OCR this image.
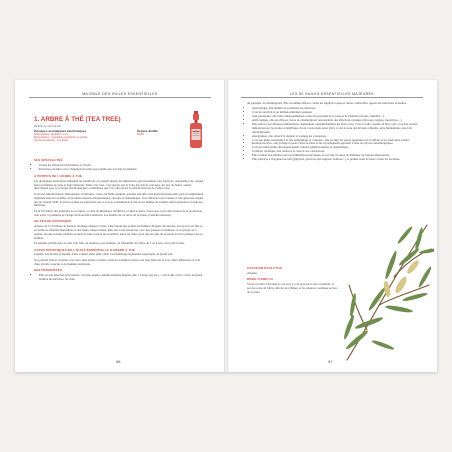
MA BIBLE DES HUILES ESSENTIELLES
1. ARBRE À THÉ (TEA TREE)
Melaleuca alternifolia
Principes aromatiques biochimiques
Monoterpènes : terpinène-1-ol-4
Monoterpènes : γ-terpinène, α-terpinène, p-cymène,
Oxydes terpéniques : 1,8-cinéole
Organe distillé
Feuille
SES SPÉCIALITÉS
• Toutes les affections bactériennes et virales
• Peaux/les parasites et les champignons (mycoses) quelle que soit leur localisation
À PROPOS DE L'ARBRE À THÉ

Les aborigènes australiens utilisaient les feuilles de cet végétal depuis des millénaires, principalement sous forme de cataplasme pour soigner leurs problèmes de peau et leurs blessures. Mais c'est vous, c'est surtout que le boire des gris de sauvages. Au lieu de fleurir, autant, directement pour se protéger des moustiques cosmétiques que l'on a découvert le parfum enivrant de l'arbre à thé.

C'est une antiinfectieuse, antiseptique, cicatrisante, contre un faible quantité, garantie une efficacité anti-infectieuse utile qu'il est simplement légitimée dans bon nombre de produits naturels, thérapeutiques, chacune et antiseptiques. Son efficacité est reconnue et très appréciée depuis que les années 1930. Il serait possible en particulier que ce soit en considération le thé en les feuilles de bouillir, dans l'expansion au sein des militaires.

En la fin d'arbre des végétales de sa région, et celle de Melaleuca viridiflora, et dans le genre d'ouvrages ou les découvertes de la production d'un arbre, la première de l'usage du Nouvelle-Calédonie. Les feuilles de cet arbre de la plante (Camellia sinensis).

UN PEU DE BOTANIQUE

Arbuste de 5 à 8 mètres de hauteur, feuillage épineux, l'arbre à thé fournit des pointes de feuilles, du genre des myrtes. Son écorce est fine et en forme de lamelles blanchâtres et des fleurs, blancs-crème, mais une forte pédoncule, avec des gousses et étamines, et un groupe de 5 pétales, de plus souvent pendant au mois de juin au mois de novembre, selon les fruits, pour que les plus de la plante d'où les graines sont en nombre.

En résumé, parfaite fera au plus d'un fruit, de rainures pour exemple, de l'ensemble de l'arbre de 3 ou 4 ans, et les plus faciles.

CARACTÉRISTIQUES DE L'HUILE ESSENTIELLE D'ARBRE À THÉ

Liquide, très mobile et liquide, d'une couleur jaune pâle, odeur caractéristique légèrement terpénique, de grand jour.

Son parfum frais et citronné, avec une odeur épicée et légère, mais les tonalités boisées sont plus délicates et avec odeur différentes et sont d'une grande capacité et de manière pénétrante.

SES PROPRIÉTÉS
• Elle est une infection polyvalente, c'est une essence antimicrobienne majeure dite « à large spectre » : c'est-à-dire active contre un grand nombre de microbes, de virus,
96
LES 80 HUILES ESSENTIELLES MAJEURES

de parasites, de champignons. Elle est même efficace contre les staphylocoques et autres colibacilles, agents des infections sexuelles.

• Antiseptique, elle désinfecte totalement les blessures.
• C'est un antiviral et un immunostimulant puissant.
• Anti-parasitaire, elle lutte remarquablement contre les parasites de la peau et de l'intestin (ascaris, lamblias…).
• Antifongique, elle est efficace contre les champignons responsables des affections cutanées (mycoses, teignes, intertrigos…).
• Elle renforce les défenses immunitaires augmentant considérablement les leucocytes. C'est la seule capable de faire cela, et un fait notoire démontrant par les études scientifiques. Donc contre mais aussi grâce à cela la peau qui devient complète, terre immunitaire, une fois rafraîchissante.
• Analgésique, elle adoucit la douleur et soulage les contusions.
• C'est une huile essentielle à la fois antiseptique et veineuse : elle protège les parois sanguines, les fortifiant et les rends plus stables.
• Radioprotectrice, elle protège la peau contre le soleil et les rayonnements agressifs à base de rayons radiothérapiques.
• C'est un remarquable décongestionnant veineux (phlébotonique) et lymphatique.
• Tonifiant cardiaque, elle renforce le cœur et ses contractions.
• Elle possède une affinité pour les terminaisons nerveuses, et son rôle est aussi de diminuer les fausses impressions.
• Elle participe à l'hygiène buccale (gingivite, gencives qui saignent, halitose…) et permet aussi de lutter contre les bactéries.
COTATION ÉVOLUTIVE

Absente.

MODE D'EMPLOI

Voyez à l'arbre à thé dans le cas où il y a de quoi sur le site à l'endroit, et par des soins de l'arbre afin de les rythmer, et les relances continues au lieu de la santé.

97
